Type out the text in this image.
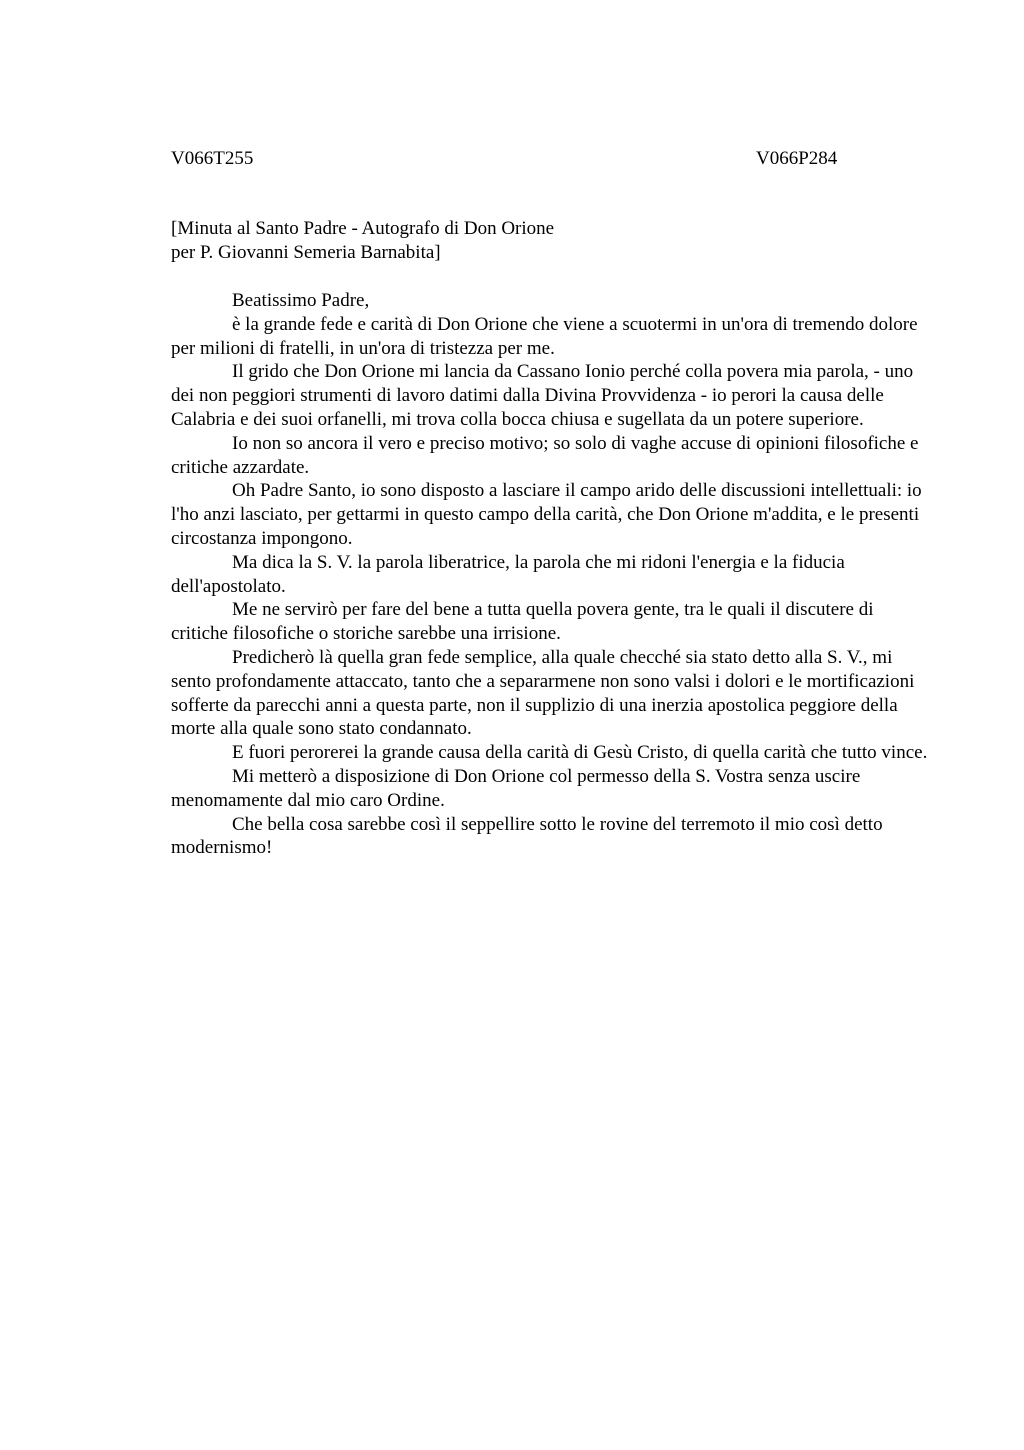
V066T255	V066P284

[Minuta al Santo Padre - Autografo di Don Orione
per P. Giovanni Semeria Barnabita]

Beatissimo Padre,

è la grande fede e carità di Don Orione che viene a scuotermi in un'ora di tremendo dolore per milioni di fratelli, in un'ora di tristezza per me.

Il grido che Don Orione mi lancia da Cassano Ionio perché colla povera mia parola, - uno dei non peggiori strumenti di lavoro datimi dalla Divina Provvidenza - io perori la causa delle Calabria e dei suoi orfanelli, mi trova colla bocca chiusa e sugellata da un potere superiore.

Io non so ancora il vero e preciso motivo; so solo di vaghe accuse di opinioni filosofiche e critiche azzardate.

Oh Padre Santo, io sono disposto a lasciare il campo arido delle discussioni intellettuali: io l'ho anzi lasciato, per gettarmi in questo campo della carità, che Don Orione m'addita, e le presenti circostanza impongono.

Ma dica la S. V. la parola liberatrice, la parola che mi ridoni l'energia e la fiducia dell'apostolato.

Me ne servirò per fare del bene a tutta quella povera gente, tra le quali il discutere di critiche filosofiche o storiche sarebbe una irrisione.

Predicherò là quella gran fede semplice, alla quale checché sia stato detto alla S. V., mi sento profondamente attaccato, tanto che a separarmene non sono valsi i dolori e le mortificazioni sofferte da parecchi anni a questa parte, non il supplizio di una inerzia apostolica peggiore della morte alla quale sono stato condannato.

E fuori perorerei la grande causa della carità di Gesù Cristo, di quella carità che tutto vince.

Mi metterò a disposizione di Don Orione col permesso della S. Vostra senza uscire menomamente dal mio caro Ordine.

Che bella cosa sarebbe così il seppellire sotto le rovine del terremoto il mio così detto modernismo!
